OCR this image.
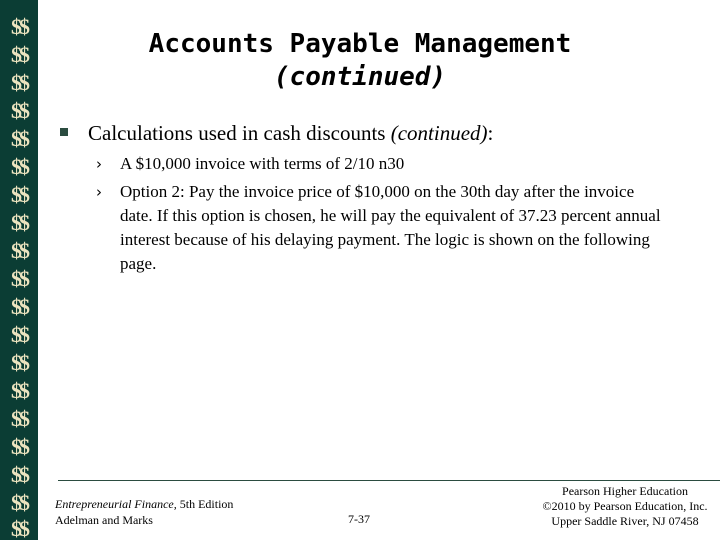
$$
$$
$$
$$
$$
$$
$$
$$
$$
$$
$$
$$
$$
$$
$$
$$
$$
$$
$$
Accounts Payable Management
(continued)
Calculations used in cash discounts (continued):
› A $10,000 invoice with terms of 2/10 n30
› Option 2: Pay the invoice price of $10,000 on the 30th day after the invoice date. If this option is chosen, he will pay the equivalent of 37.23 percent annual interest because of his delaying payment. The logic is shown on the following page.
Entrepreneurial Finance, 5th Edition
Adelman and Marks	7-37
Pearson Higher Education
©2010 by Pearson Education, Inc.
Upper Saddle River, NJ 07458
